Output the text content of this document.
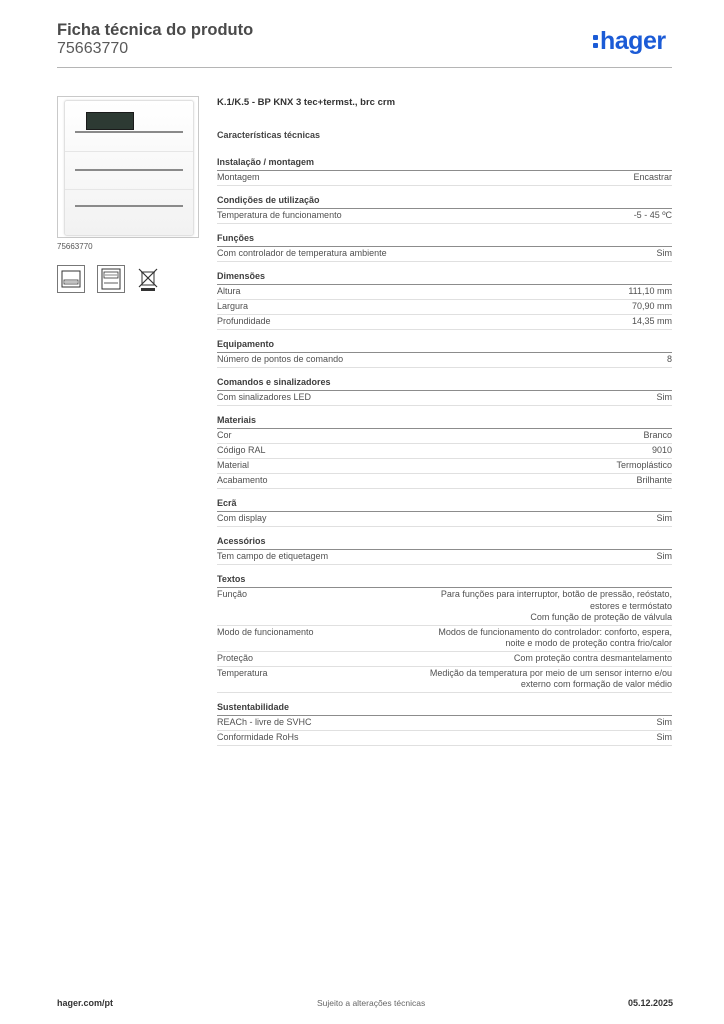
Ficha técnica do produto
75663770	hager
75663770
K.1/K.5 - BP KNX 3 tec+termst., brc crm
Características técnicas
Instalação / montagem
Montagem	Encastrar
Condições de utilização
Temperatura de funcionamento	-5 - 45 ºC
Funções
Com controlador de temperatura ambiente	Sim
Dimensões
Altura	111,10 mm
Largura	70,90 mm
Profundidade	14,35 mm
Equipamento
Número de pontos de comando	8
Comandos e sinalizadores
Com sinalizadores LED	Sim
Materiais
Cor	Branco
Código RAL	9010
Material	Termoplástico
Acabamento	Brilhante
Ecrã
Com display	Sim
Acessórios
Tem campo de etiquetagem	Sim
Textos
Função	Para funções para interruptor, botão de pressão, reóstato,
estores e termóstato
Com função de proteção de válvula
Modo de funcionamento	Modos de funcionamento do controlador: conforto, espera,
noite e modo de proteção contra frio/calor
Proteção	Com proteção contra desmantelamento
Temperatura	Medição da temperatura por meio de um sensor interno e/ou
externo com formação de valor médio
Sustentabilidade
REACh - livre de SVHC	Sim
Conformidade RoHs	Sim
hager.com/pt	Sujeito a alterações técnicas	05.12.2025
